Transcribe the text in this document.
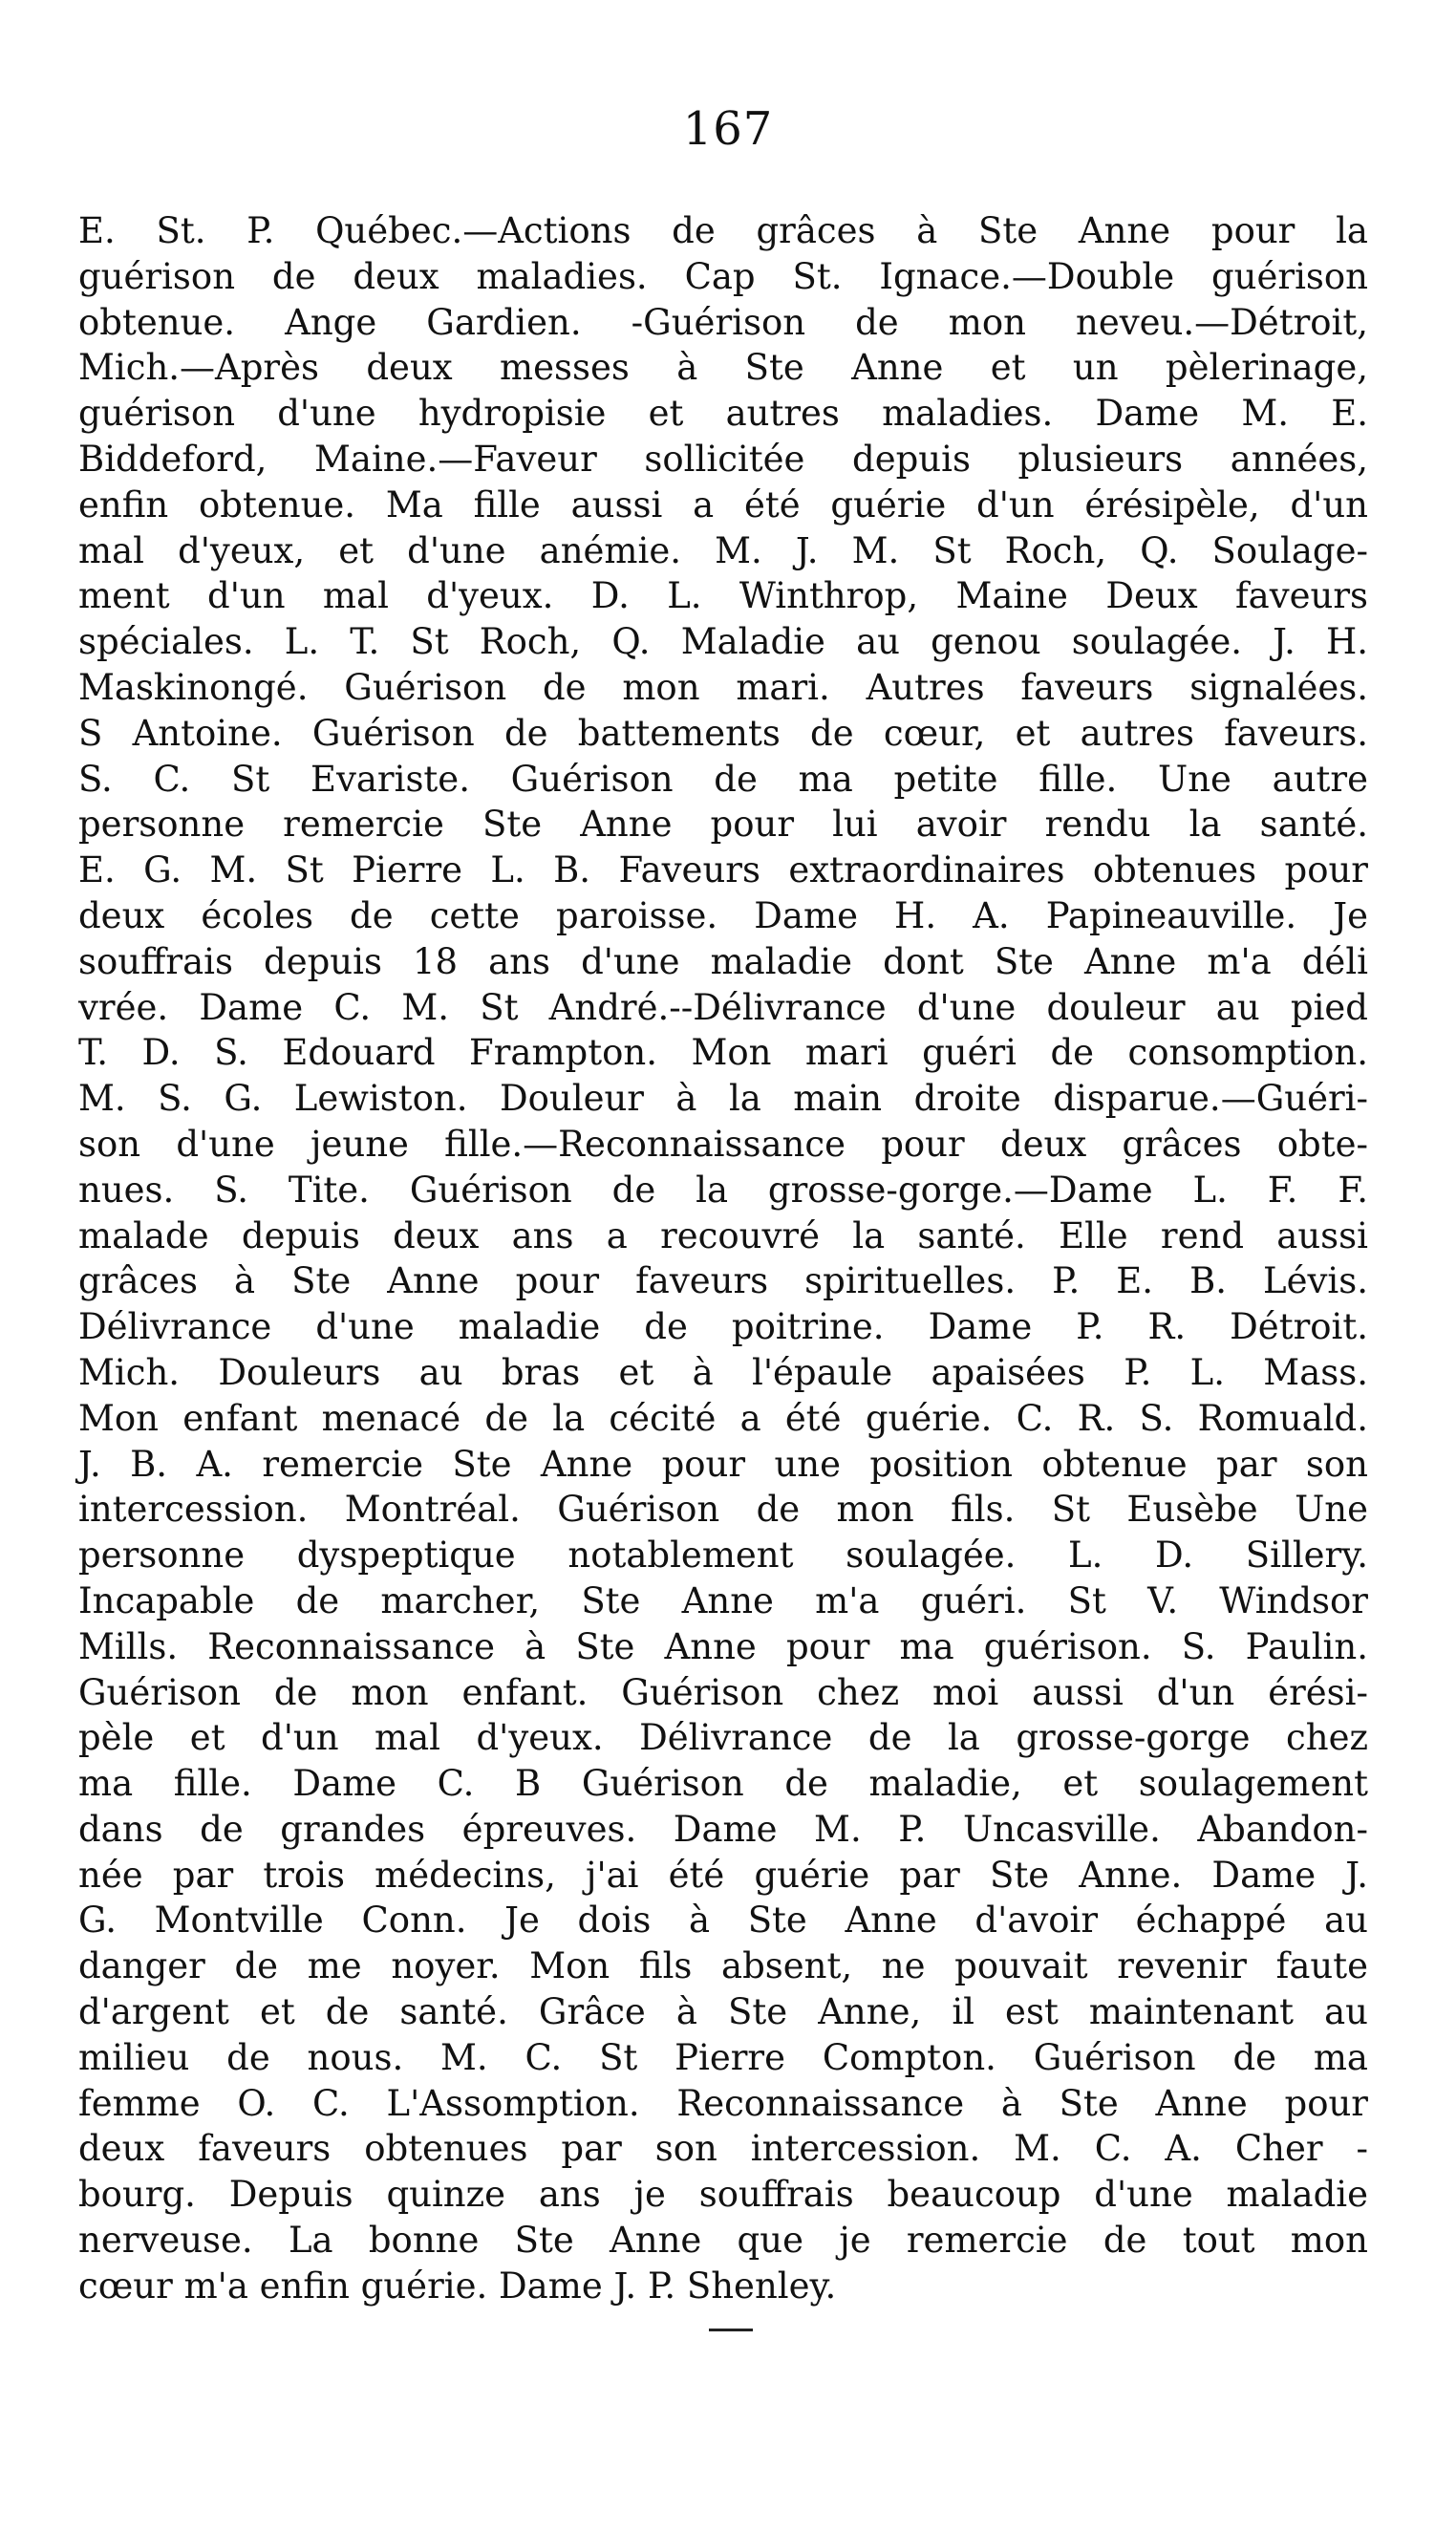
167
E. St. P. Québec.—Actions de grâces à Ste Anne pour la
guérison de deux maladies. Cap St. Ignace.—Double guérison
obtenue. Ange Gardien. -Guérison de mon neveu.—Détroit,
Mich.—Après deux messes à Ste Anne et un pèlerinage,
guérison d'une hydropisie et autres maladies. Dame M. E.
Biddeford, Maine.—Faveur sollicitée depuis plusieurs années,
enfin obtenue. Ma fille aussi a été guérie d'un érésipèle, d'un
mal d'yeux, et d'une anémie. M. J. M. St Roch, Q. Soulage-
ment d'un mal d'yeux. D. L. Winthrop, Maine Deux faveurs
spéciales. L. T. St Roch, Q. Maladie au genou soulagée. J. H.
Maskinongé. Guérison de mon mari. Autres faveurs signalées.
S Antoine. Guérison de battements de cœur, et autres faveurs.
S. C. St Evariste. Guérison de ma petite fille. Une autre
personne remercie Ste Anne pour lui avoir rendu la santé.
E. G. M. St Pierre L. B. Faveurs extraordinaires obtenues pour
deux écoles de cette paroisse. Dame H. A. Papineauville. Je
souffrais depuis 18 ans d'une maladie dont Ste Anne m'a déli
vrée. Dame C. M. St André.--Délivrance d'une douleur au pied
T. D. S. Edouard Frampton. Mon mari guéri de consomption.
M. S. G. Lewiston. Douleur à la main droite disparue.—Guéri-
son d'une jeune fille.—Reconnaissance pour deux grâces obte-
nues. S. Tite. Guérison de la grosse-gorge.—Dame L. F. F.
malade depuis deux ans a recouvré la santé. Elle rend aussi
grâces à Ste Anne pour faveurs spirituelles. P. E. B. Lévis.
Délivrance d'une maladie de poitrine. Dame P. R. Détroit.
Mich. Douleurs au bras et à l'épaule apaisées P. L. Mass.
Mon enfant menacé de la cécité a été guérie. C. R. S. Romuald.
J. B. A. remercie Ste Anne pour une position obtenue par son
intercession. Montréal. Guérison de mon fils. St Eusèbe Une
personne dyspeptique notablement soulagée. L. D. Sillery.
Incapable de marcher, Ste Anne m'a guéri. St V. Windsor
Mills. Reconnaissance à Ste Anne pour ma guérison. S. Paulin.
Guérison de mon enfant. Guérison chez moi aussi d'un érési-
pèle et d'un mal d'yeux. Délivrance de la grosse-gorge chez
ma fille. Dame C. B Guérison de maladie, et soulagement
dans de grandes épreuves. Dame M. P. Uncasville. Abandon-
née par trois médecins, j'ai été guérie par Ste Anne. Dame J.
G. Montville Conn. Je dois à Ste Anne d'avoir échappé au
danger de me noyer. Mon fils absent, ne pouvait revenir faute
d'argent et de santé. Grâce à Ste Anne, il est maintenant au
milieu de nous. M. C. St Pierre Compton. Guérison de ma
femme O. C. L'Assomption. Reconnaissance à Ste Anne pour
deux faveurs obtenues par son intercession. M. C. A. Cher -
bourg. Depuis quinze ans je souffrais beaucoup d'une maladie
nerveuse. La bonne Ste Anne que je remercie de tout mon
cœur m'a enfin guérie. Dame J. P. Shenley.
